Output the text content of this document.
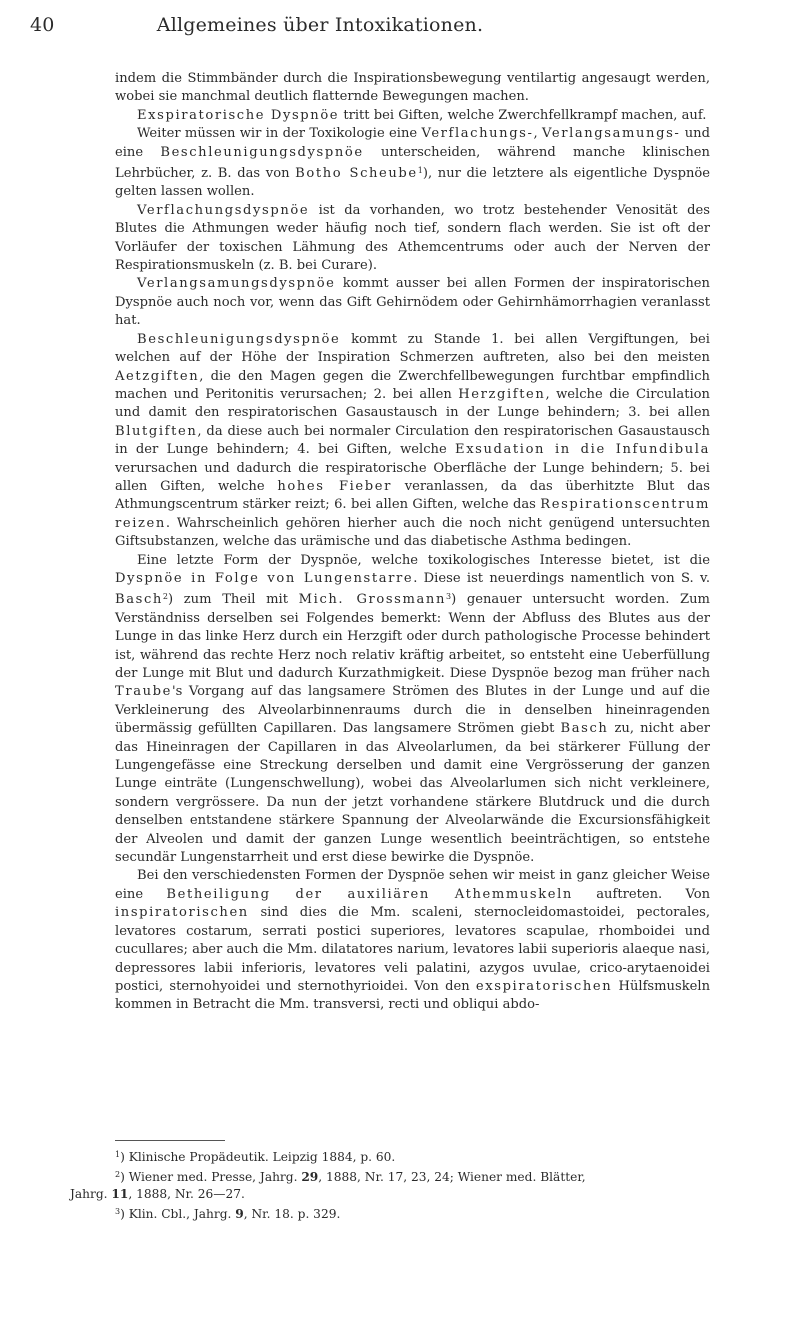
40	Allgemeines über Intoxikationen.

indem die Stimmbänder durch die Inspirationsbewegung ventilartig angesaugt werden, wobei sie manchmal deutlich flatternde Bewegungen machen.

Exspiratorische Dyspnöe tritt bei Giften, welche Zwerchfellkrampf machen, auf.

Weiter müssen wir in der Toxikologie eine Verflachungs-, Verlangsamungs- und eine Beschleunigungsdyspnöe unterscheiden, während manche klinischen Lehrbücher, z. B. das von Botho Scheube$^1$), nur die letztere als eigentliche Dyspnöe gelten lassen wollen.

Verflachungsdyspnöe ist da vorhanden, wo trotz bestehender Venosität des Blutes die Athmungen weder häufig noch tief, sondern flach werden. Sie ist oft der Vorläufer der toxischen Lähmung des Athemcentrums oder auch der Nerven der Respirationsmuskeln (z. B. bei Curare).

Verlangsamungsdyspnöe kommt ausser bei allen Formen der inspiratorischen Dyspnöe auch noch vor, wenn das Gift Gehirnödem oder Gehirnhämorrhagien veranlasst hat.

Beschleunigungsdyspnöe kommt zu Stande 1. bei allen Vergiftungen, bei welchen auf der Höhe der Inspiration Schmerzen auftreten, also bei den meisten Aetzgiften, die den Magen gegen die Zwerchfellbewegungen furchtbar empfindlich machen und Peritonitis verursachen; 2. bei allen Herzgiften, welche die Circulation und damit den respiratorischen Gasaustausch in der Lunge behindern; 3. bei allen Blutgiften, da diese auch bei normaler Circulation den respiratorischen Gasaustausch in der Lunge behindern; 4. bei Giften, welche Exsudation in die Infundibula verursachen und dadurch die respiratorische Oberfläche der Lunge behindern; 5. bei allen Giften, welche hohes Fieber veranlassen, da das überhitzte Blut das Athmungscentrum stärker reizt; 6. bei allen Giften, welche das Respirationscentrum reizen. Wahrscheinlich gehören hierher auch die noch nicht genügend untersuchten Giftsubstanzen, welche das urämische und das diabetische Asthma bedingen.

Eine letzte Form der Dyspnöe, welche toxikologisches Interesse bietet, ist die Dyspnöe in Folge von Lungenstarre. Diese ist neuerdings namentlich von S. v. Basch$^2$) zum Theil mit Mich. Grossmann$^3$) genauer untersucht worden. Zum Verständniss derselben sei Folgendes bemerkt: Wenn der Abfluss des Blutes aus der Lunge in das linke Herz durch ein Herzgift oder durch pathologische Processe behindert ist, während das rechte Herz noch relativ kräftig arbeitet, so entsteht eine Ueberfüllung der Lunge mit Blut und dadurch Kurzathmigkeit. Diese Dyspnöe bezog man früher nach Traube's Vorgang auf das langsamere Strömen des Blutes in der Lunge und auf die Verkleinerung des Alveolarbinnenraums durch die in denselben hineinragenden übermässig gefüllten Capillaren. Das langsamere Strömen giebt Basch zu, nicht aber das Hineinragen der Capillaren in das Alveolarlumen, da bei stärkerer Füllung der Lungengefässe eine Streckung derselben und damit eine Vergrösserung der ganzen Lunge einträte (Lungenschwellung), wobei das Alveolarlumen sich nicht verkleinere, sondern vergrössere. Da nun der jetzt vorhandene stärkere Blutdruck und die durch denselben entstandene stärkere Spannung der Alveolarwände die Excursionsfähigkeit der Alveolen und damit der ganzen Lunge wesentlich beeinträchtigen, so entstehe secundär Lungenstarrheit und erst diese bewirke die Dyspnöe.

Bei den verschiedensten Formen der Dyspnöe sehen wir meist in ganz gleicher Weise eine Betheiligung der auxiliären Athemmuskeln auftreten. Von inspiratorischen sind dies die Mm. scaleni, sternocleidomastoidei, pectorales, levatores costarum, serrati postici superiores, levatores scapulae, rhomboidei und cucullares; aber auch die Mm. dilatatores narium, levatores labii superioris alaeque nasi, depressores labii inferioris, levatores veli palatini, azygos uvulae, crico-arytaenoidei postici, sternohyoidei und sternothyrioidei. Von den exspiratorischen Hülfsmuskeln kommen in Betracht die Mm. transversi, recti und obliqui abdo-

$^1$) Klinische Propädeutik. Leipzig 1884, p. 60.

$^2$) Wiener med. Presse, Jahrg. 29, 1888, Nr. 17, 23, 24; Wiener med. Blätter,

Jahrg. 11, 1888, Nr. 26—27.

$^3$) Klin. Cbl., Jahrg. 9, Nr. 18. p. 329.
